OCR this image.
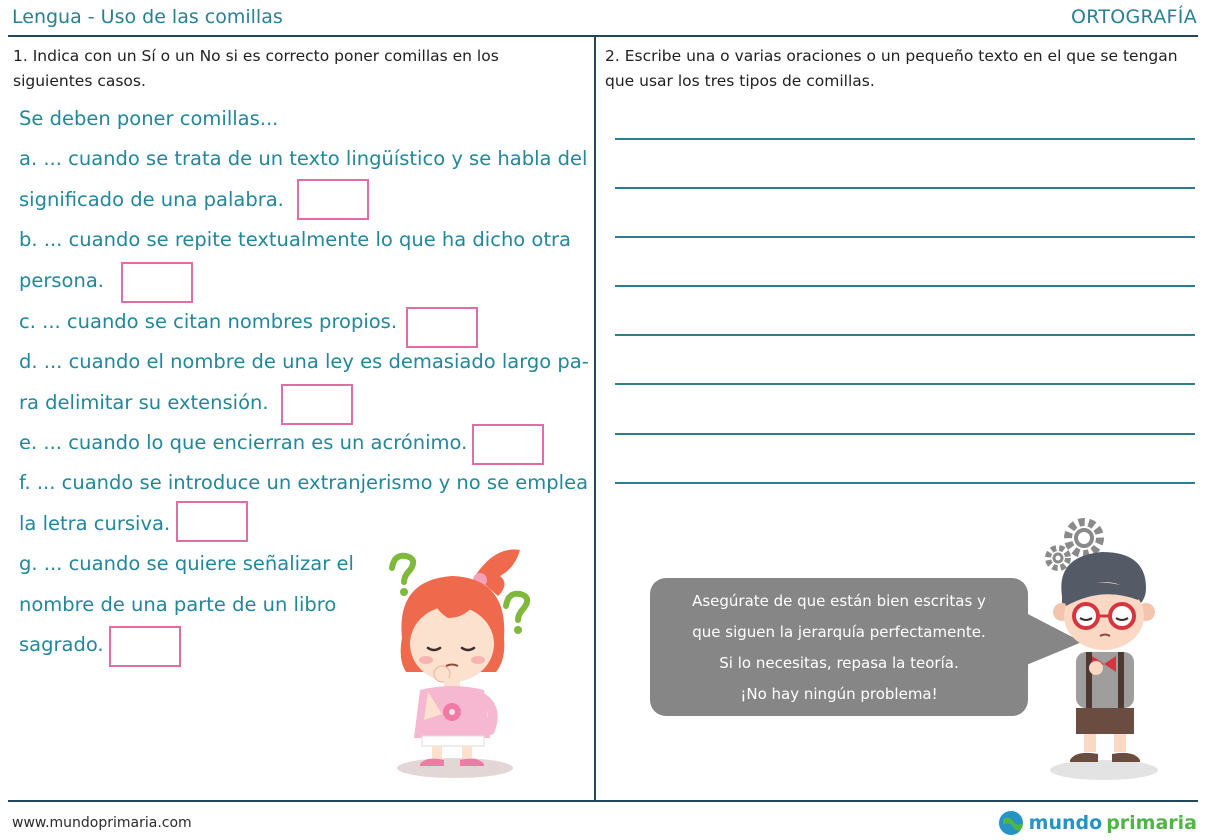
Lengua - Uso de las comillas	ORTOGRAFÍA
1. Indica con un Sí o un No si es correcto poner comillas en los siguientes casos.
Se deben poner comillas...
a. ... cuando se trata de un texto lingüístico y se habla del
significado de una palabra.
b. ... cuando se repite textualmente lo que ha dicho otra
persona.
c. ... cuando se citan nombres propios.
d. ... cuando el nombre de una ley es demasiado largo pa-
ra delimitar su extensión.
e. ... cuando lo que encierran es un acrónimo.
f. ... cuando se introduce un extranjerismo y no se emplea
la letra cursiva.
g. ... cuando se quiere señalizar el
nombre de una parte de un libro
sagrado.
2. Escribe una o varias oraciones o un pequeño texto en el que se tengan que usar los tres tipos de comillas.
Asegúrate de que están bien escritas y
que siguen la jerarquía perfectamente.
Si lo necesitas, repasa la teoría.
¡No hay ningún problema!
www.mundoprimaria.com	mundo primaria
